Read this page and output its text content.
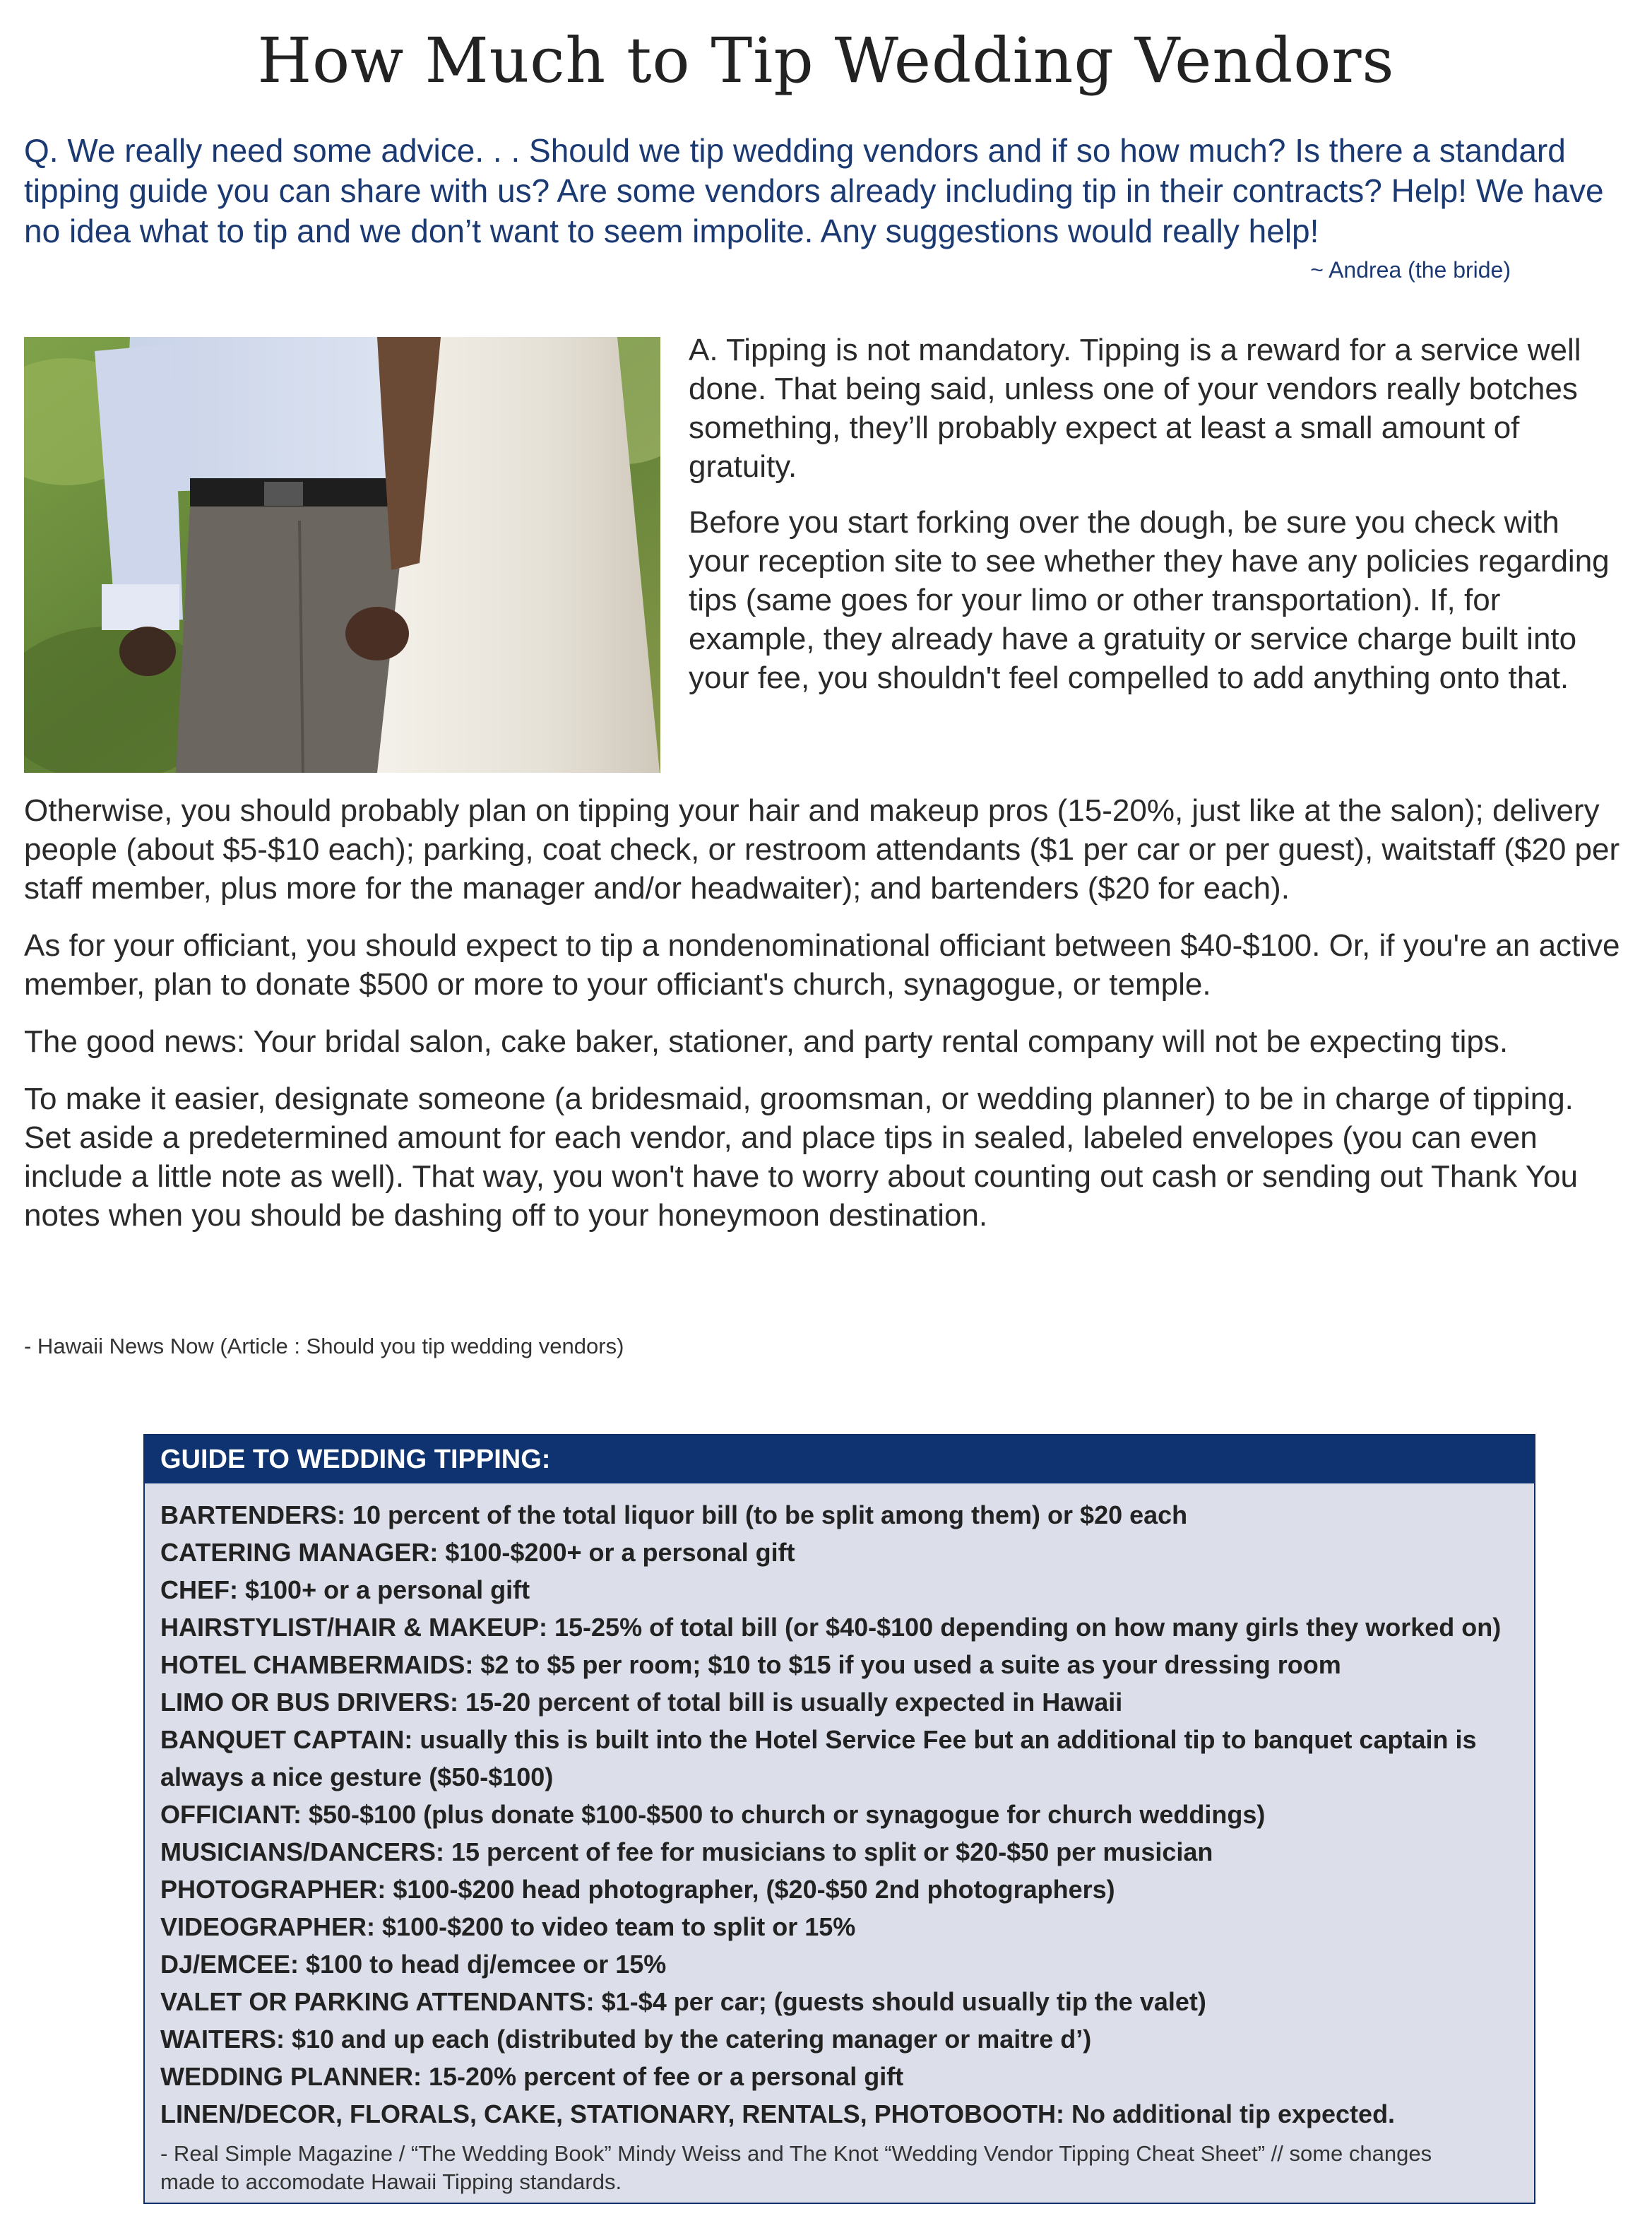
How Much to Tip Wedding Vendors

Q. We really need some advice. . . Should we tip wedding vendors and if so how much? Is there a standard tipping guide you can share with us? Are some vendors already including tip in their contracts? Help! We have no idea what to tip and we don’t want to seem impolite. Any suggestions would really help!

~ Andrea (the bride)

A. Tipping is not mandatory. Tipping is a reward for a service well done. That being said, unless one of your vendors really botches something, they’ll probably expect at least a small amount of gratuity.

Before you start forking over the dough, be sure you check with your reception site to see whether they have any policies regarding tips (same goes for your limo or other transportation). If, for example, they already have a gratuity or service charge built into your fee, you shouldn't feel compelled to add anything onto that.

Otherwise, you should probably plan on tipping your hair and makeup pros (15-20%, just like at the salon); delivery people (about $5-$10 each); parking, coat check, or restroom attendants ($1 per car or per guest), waitstaff ($20 per staff member, plus more for the manager and/or headwaiter); and bartenders ($20 for each).

As for your officiant, you should expect to tip a nondenominational officiant between $40-$100. Or, if you're an active member, plan to donate $500 or more to your officiant's church, synagogue, or temple.

The good news: Your bridal salon, cake baker, stationer, and party rental company will not be expecting tips.

To make it easier, designate someone (a bridesmaid, groomsman, or wedding planner) to be in charge of tipping. Set aside a predetermined amount for each vendor, and place tips in sealed, labeled envelopes (you can even include a little note as well). That way, you won't have to worry about counting out cash or sending out Thank You notes when you should be dashing off to your honeymoon destination.

- Hawaii News Now (Article : Should you tip wedding vendors)
GUIDE TO WEDDING TIPPING:
BARTENDERS: 10 percent of the total liquor bill (to be split among them) or $20 each
CATERING MANAGER: $100-$200+ or a personal gift
CHEF: $100+ or a personal gift
HAIRSTYLIST/HAIR & MAKEUP: 15-25% of total bill (or $40-$100 depending on how many girls they worked on)
HOTEL CHAMBERMAIDS: $2 to $5 per room; $10 to $15 if you used a suite as your dressing room
LIMO OR BUS DRIVERS: 15-20 percent of total bill is usually expected in Hawaii
BANQUET CAPTAIN: usually this is built into the Hotel Service Fee but an additional tip to banquet captain is always a nice gesture ($50-$100)
OFFICIANT: $50-$100 (plus donate $100-$500 to church or synagogue for church weddings)
MUSICIANS/DANCERS: 15 percent of fee for musicians to split or $20-$50 per musician
PHOTOGRAPHER: $100-$200 head photographer, ($20-$50 2nd photographers)
VIDEOGRAPHER: $100-$200 to video team to split or 15%
DJ/EMCEE: $100 to head dj/emcee or 15%
VALET OR PARKING ATTENDANTS: $1-$4 per car; (guests should usually tip the valet)
WAITERS: $10 and up each (distributed by the catering manager or maitre d’)
WEDDING PLANNER: 15-20% percent of fee or a personal gift
LINEN/DECOR, FLORALS, CAKE, STATIONARY, RENTALS, PHOTOBOOTH: No additional tip expected.
- Real Simple Magazine / “The Wedding Book” Mindy Weiss and The Knot “Wedding Vendor Tipping Cheat Sheet” // some changes made to accomodate Hawaii Tipping standards.
